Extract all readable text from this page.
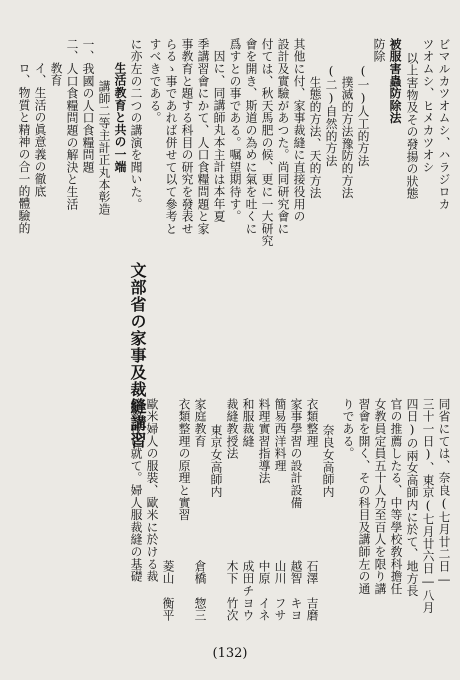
ビマルカツオムシ、ハラジロカ
ツオムシ、ヒメカツオシ
以上害物及その發揚の狀態
被服害蟲防除法
防除
(一)人工的方法
撲滅的方法豫防的方法
(二)自然的方法
生態的方法、天的方法
其他に付、家事裁縫に直接役用の
設計及實驗があつた。尚同研究會に
付ては、秋天馬肥の候、更に一大研究
會を開き、斯道の為めに氣を吐くに
爲すとの事である。嘱望期待す。
因に、同講師丸本主計は本年夏
季講習會にかて、人口食糧問題と家
事教育と題する科目の研究を發表せ
らるゝ事であれば併せて以て參考と
すべきである。
に亦左の二つの講演を聞いた。
生活教育と共の一端
講師二等主計正丸本彰造
一、我國の人口食糧問題
二、人口食糧問題の解決と生活
教育
イ、生活の眞意義の徹底
ロ、物質と精神の合一的體驗的
文部省の家事及裁縫講習
同省にては、奈良(七月廿二日―
三十一日)、東京(七月廿六日―八月
四日)の兩女高師内に於て、地方長
官の推薦したる、中等學校敎科擔任
女教員定員五十人乃至百人を限り講
習會を開く、その科目及講師左の通
りである。
奈良女高師内
衣類整理
石澤　吉磨
家事學習の設計設備
越智　キヨ
簡易西洋料理
山川　フサ
料理實習指導法
中原　イネ
和服裁縫
成田チヨウ
裁縫教授法
木下　竹次
東京女高師内
家庭教育
倉橋　惣三
衣類整理の原理と實習
菱山　衡平
歐米婦人の服裝、歐米に於ける裁
縫教授に就て。婦人服裁縫の基礎
(132)
